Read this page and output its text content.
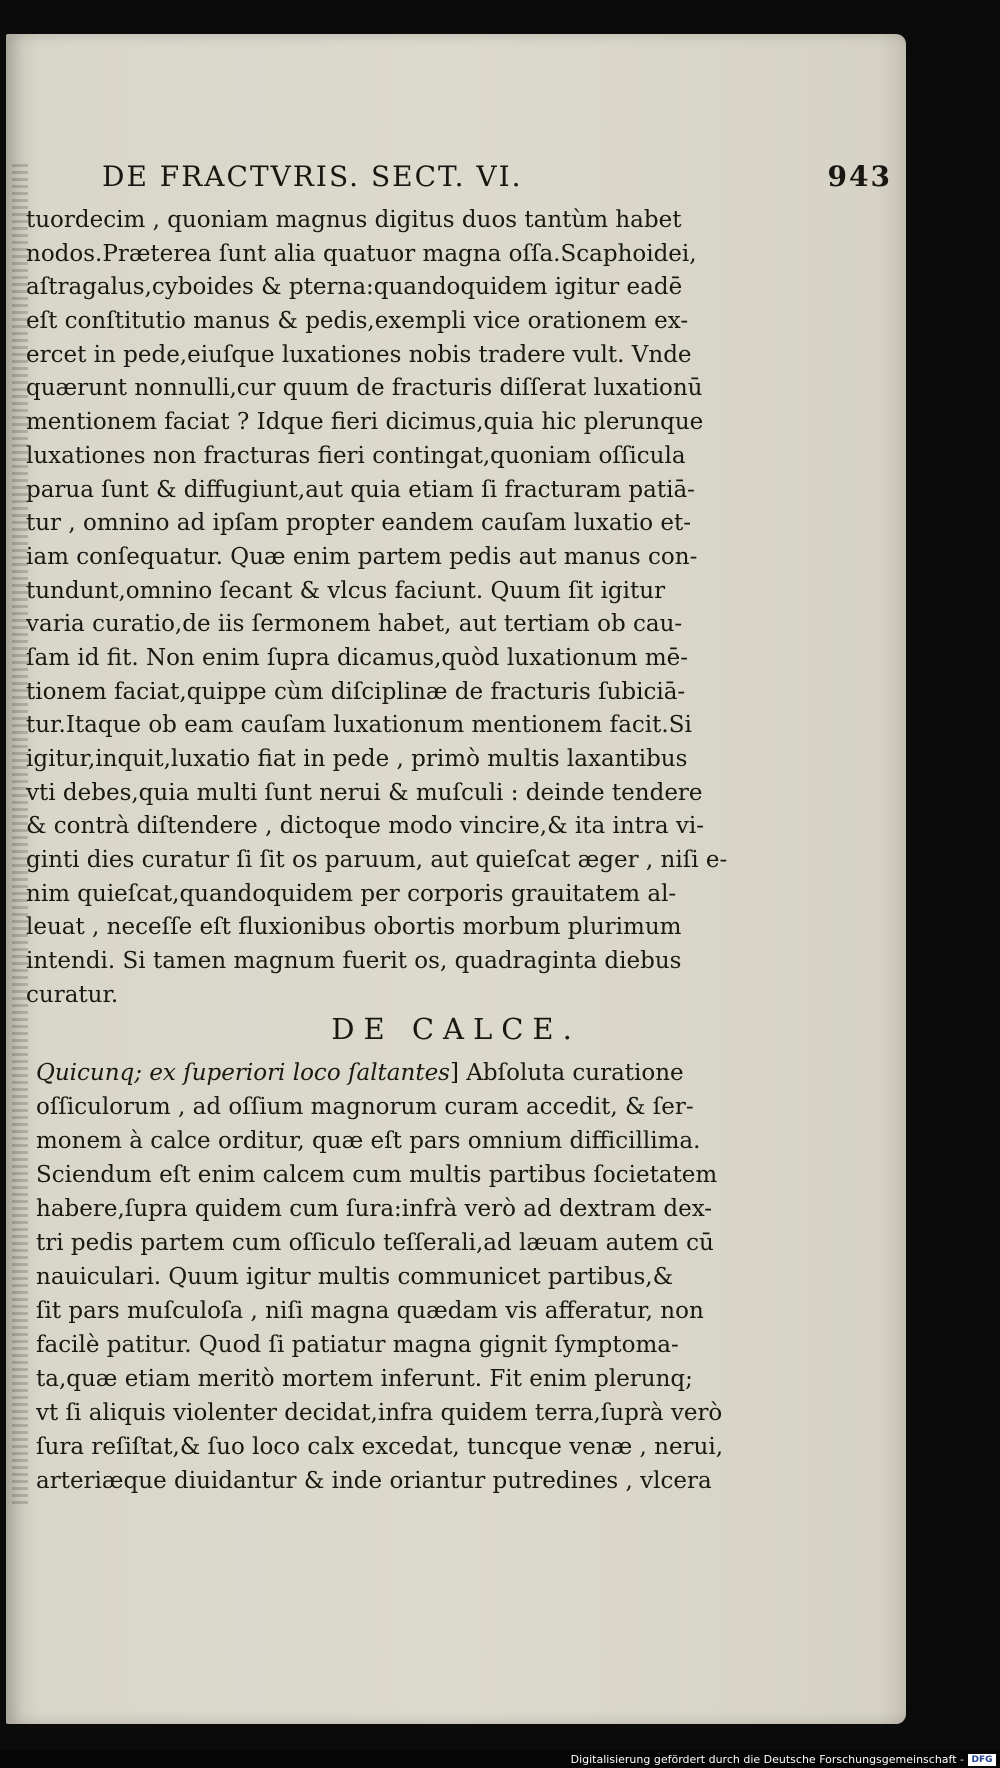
DE FRACTVRIS. SECT. VI.	943
tuordecim , quoniam magnus digitus duos tantùm habet
nodos.Præterea ſunt alia quatuor magna oſſa.Scaphoidei,
aſtragalus,cyboides & pterna:quandoquidem igitur eadē
eſt conſtitutio manus & pedis,exempli vice orationem ex-
ercet in pede,eiuſque luxationes nobis tradere vult. Vnde
quærunt nonnulli,cur quum de fracturis diſſerat luxationū
mentionem faciat ? Idque fieri dicimus,quia hic plerunque
luxationes non fracturas fieri contingat,quoniam oſſicula
parua ſunt & diffugiunt,aut quia etiam ſi fracturam patiā-
tur , omnino ad ipſam propter eandem cauſam luxatio et-
iam conſequatur. Quæ enim partem pedis aut manus con-
tundunt,omnino ſecant & vlcus faciunt. Quum ſit igitur
varia curatio,de iis ſermonem habet, aut tertiam ob cau-
ſam id fit. Non enim ſupra dicamus,quòd luxationum mē-
tionem faciat,quippe cùm diſciplinæ de fracturis ſubiciā-
tur.Itaque ob eam cauſam luxationum mentionem facit.Si
igitur,inquit,luxatio fiat in pede , primò multis laxantibus
vti debes,quia multi ſunt nerui & muſculi : deinde tendere
& contrà diſtendere , dictoque modo vincire,& ita intra vi-
ginti dies curatur ſi ſit os paruum, aut quieſcat æger , niſi e-
nim quieſcat,quandoquidem per corporis grauitatem al-
leuat , neceſſe eſt fluxionibus obortis morbum plurimum
intendi. Si tamen magnum fuerit os, quadraginta diebus
curatur.
DE CALCE.
Quicunq; ex ſuperiori loco ſaltantes] Abſoluta curatione
oſſiculorum , ad oſſium magnorum curam accedit, & ſer-
monem à calce orditur, quæ eſt pars omnium difficillima.
Sciendum eſt enim calcem cum multis partibus ſocietatem
habere,ſupra quidem cum ſura:infrà verò ad dextram dex-
tri pedis partem cum oſſiculo teſſerali,ad læuam autem cū
nauiculari. Quum igitur multis communicet partibus,&
ſit pars muſculoſa , niſi magna quædam vis afferatur, non
facilè patitur. Quod ſi patiatur magna gignit ſymptoma-
ta,quæ etiam meritò mortem inferunt. Fit enim plerunq;
vt ſi aliquis violenter decidat,infra quidem terra,ſuprà verò
ſura reſiſtat,& ſuo loco calx excedat, tuncque venæ , nerui,
arteriæque diuidantur & inde oriantur putredines , vlcera
Digitalisierung gefördert durch die Deutsche Forschungsgemeinschaft - DFG
